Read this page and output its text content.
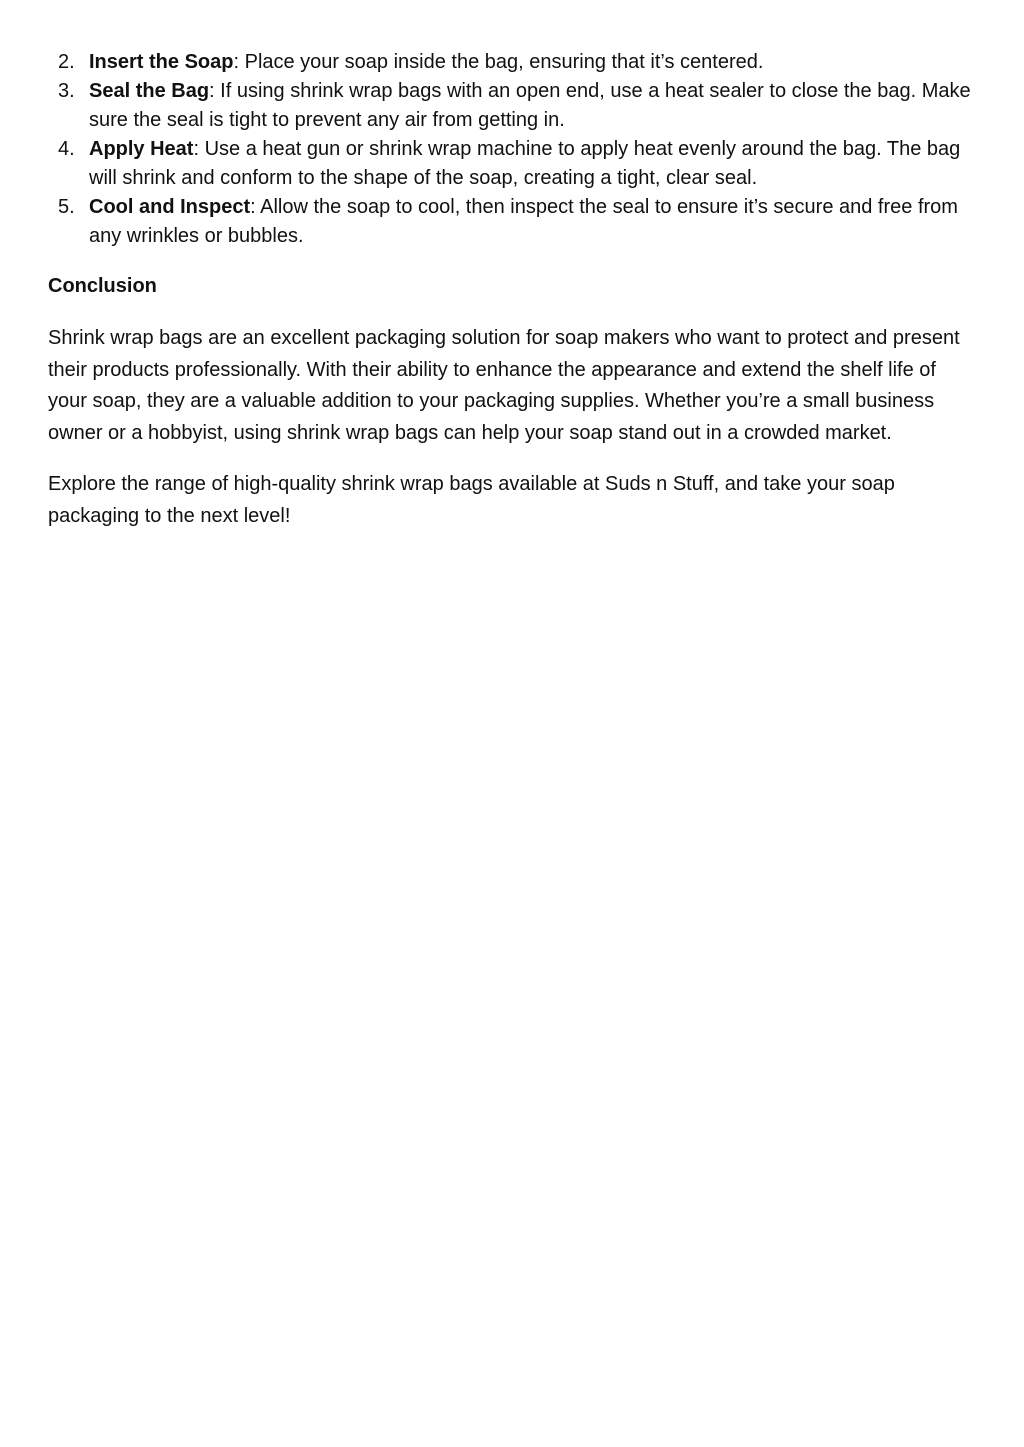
2. Insert the Soap: Place your soap inside the bag, ensuring that it’s centered.
3. Seal the Bag: If using shrink wrap bags with an open end, use a heat sealer to close the bag. Make sure the seal is tight to prevent any air from getting in.
4. Apply Heat: Use a heat gun or shrink wrap machine to apply heat evenly around the bag. The bag will shrink and conform to the shape of the soap, creating a tight, clear seal.
5. Cool and Inspect: Allow the soap to cool, then inspect the seal to ensure it’s secure and free from any wrinkles or bubbles.
Conclusion

Shrink wrap bags are an excellent packaging solution for soap makers who want to protect and present their products professionally. With their ability to enhance the appearance and extend the shelf life of your soap, they are a valuable addition to your packaging supplies. Whether you’re a small business owner or a hobbyist, using shrink wrap bags can help your soap stand out in a crowded market.

Explore the range of high-quality shrink wrap bags available at Suds n Stuff, and take your soap packaging to the next level!
